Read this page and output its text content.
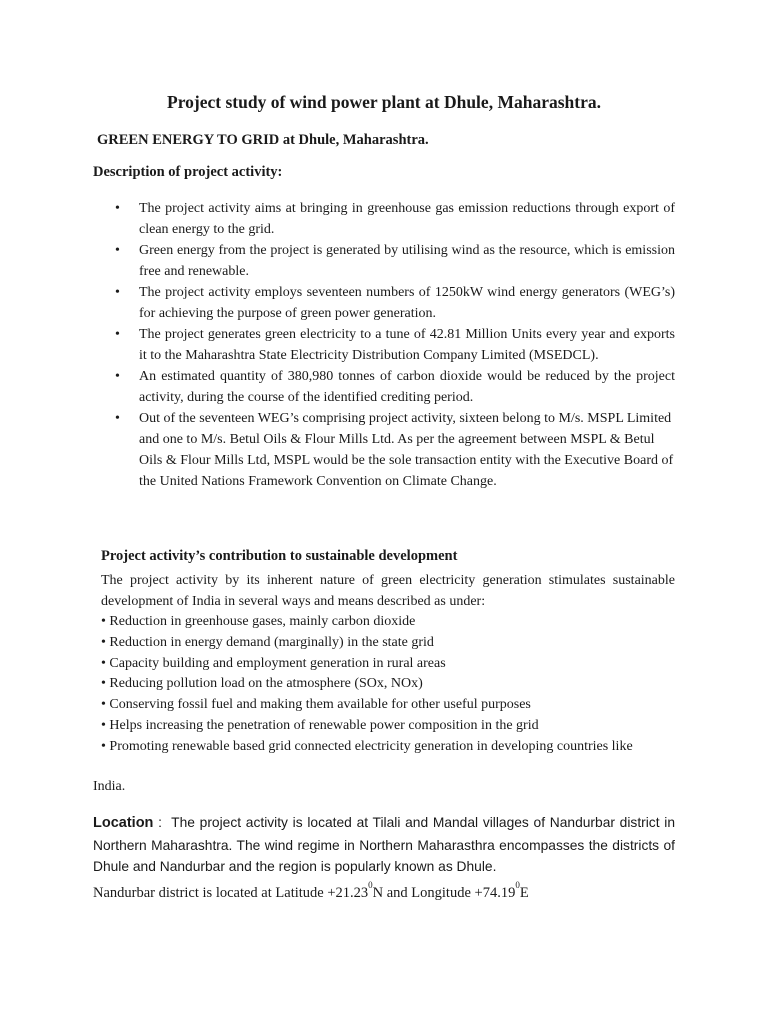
Project study of wind power plant at Dhule, Maharashtra.
GREEN ENERGY TO GRID at Dhule, Maharashtra.
Description of project activity:
• The project activity aims at bringing in greenhouse gas emission reductions through export of clean energy to the grid.
• Green energy from the project is generated by utilising wind as the resource, which is emission free and renewable.
• The project activity employs seventeen numbers of 1250kW wind energy generators (WEG’s) for achieving the purpose of green power generation.
• The project generates green electricity to a tune of 42.81 Million Units every year and exports it to the Maharashtra State Electricity Distribution Company Limited (MSEDCL).
• An estimated quantity of 380,980 tonnes of carbon dioxide would be reduced by the project activity, during the course of the identified crediting period.
• Out of the seventeen WEG’s comprising project activity, sixteen belong to M/s. MSPL Limited and one to M/s. Betul Oils & Flour Mills Ltd. As per the agreement between MSPL & Betul Oils & Flour Mills Ltd, MSPL would be the sole transaction entity with the Executive Board of the United Nations Framework Convention on Climate Change.
Project activity’s contribution to sustainable development
The project activity by its inherent nature of green electricity generation stimulates sustainable development of India in several ways and means described as under:
• Reduction in greenhouse gases, mainly carbon dioxide
• Reduction in energy demand (marginally) in the state grid
• Capacity building and employment generation in rural areas
• Reducing pollution load on the atmosphere (SOx, NOx)
• Conserving fossil fuel and making them available for other useful purposes
• Helps increasing the penetration of renewable power composition in the grid
• Promoting renewable based grid connected electricity generation in developing countries like
India.
Location : The project activity is located at Tilali and Mandal villages of Nandurbar district in Northern Maharashtra. The wind regime in Northern Maharasthra encompasses the districts of Dhule and Nandurbar and the region is popularly known as Dhule.
Nandurbar district is located at Latitude $+21.23^0N$ and Longitude $+74.19^0E$
